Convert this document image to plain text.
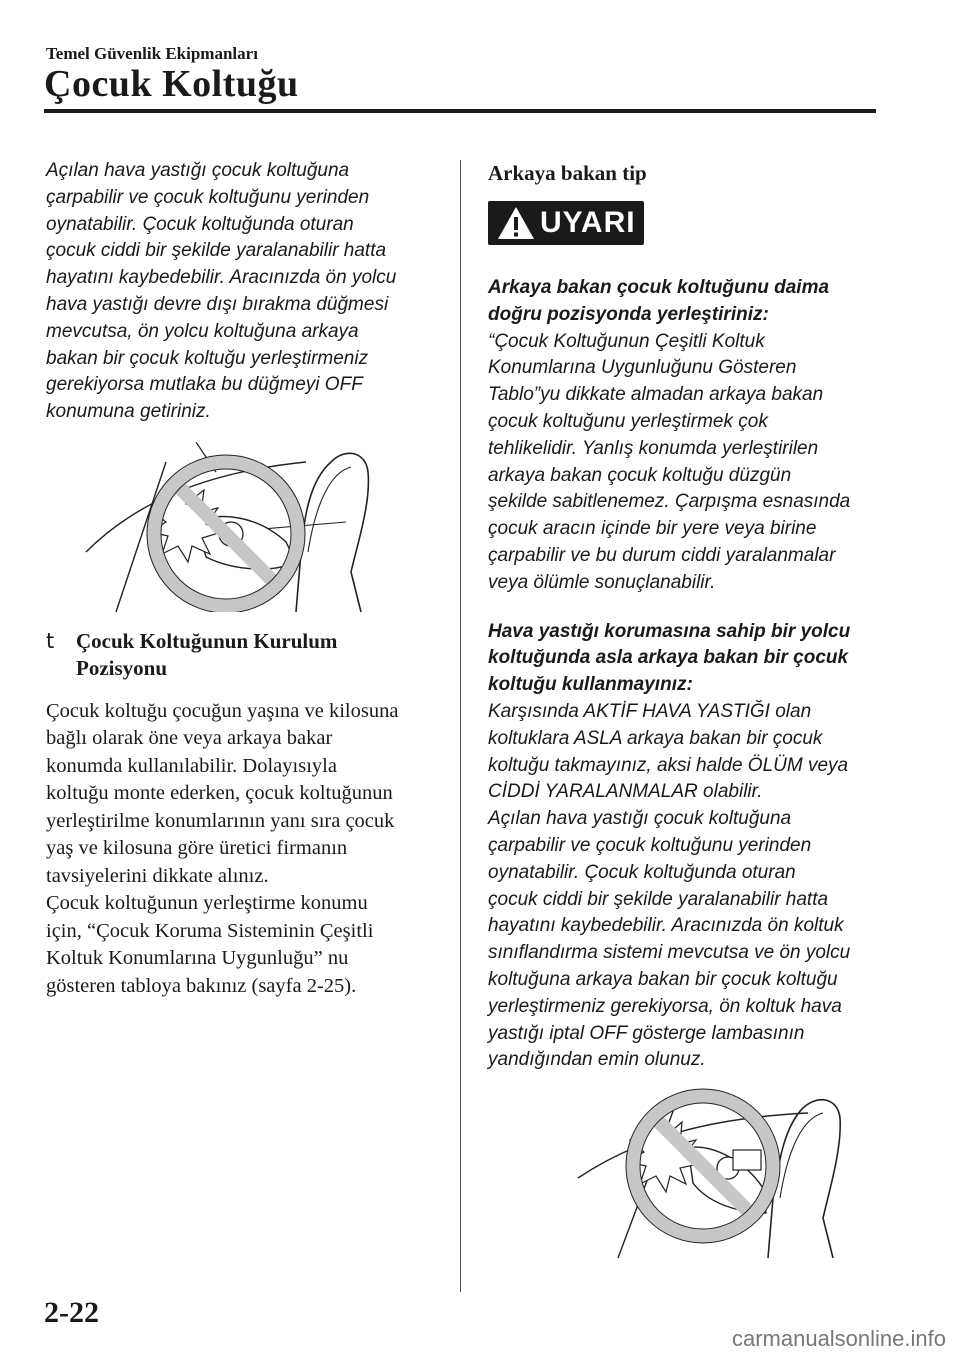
Temel Güvenlik Ekipmanları
Çocuk Koltuğu

Açılan hava yastığı çocuk koltuğuna

çarpabilir ve çocuk koltuğunu yerinden

oynatabilir. Çocuk koltuğunda oturan

çocuk ciddi bir şekilde yaralanabilir hatta

hayatını kaybedebilir. Aracınızda ön yolcu

hava yastığı devre dışı bırakma düğmesi

mevcutsa, ön yolcu koltuğuna arkaya

bakan bir çocuk koltuğu yerleştirmeniz

gerekiyorsa mutlaka bu düğmeyi OFF

konumuna getiriniz.

t	Çocuk Koltuğunun Kurulum
Pozisyonu

Çocuk koltuğu çocuğun yaşına ve kilosuna

bağlı olarak öne veya arkaya bakar

konumda kullanılabilir. Dolayısıyla

koltuğu monte ederken, çocuk koltuğunun

yerleştirilme konumlarının yanı sıra çocuk

yaş ve kilosuna göre üretici firmanın

tavsiyelerini dikkate alınız.

Çocuk koltuğunun yerleştirme konumu

için, “Çocuk Koruma Sisteminin Çeşitli

Koltuk Konumlarına Uygunluğu” nu

gösteren tabloya bakınız (sayfa 2-25).

Arkaya bakan tip
UYARI

Arkaya bakan çocuk koltuğunu daima

doğru pozisyonda yerleştiriniz:

“Çocuk Koltuğunun Çeşitli Koltuk

Konumlarına Uygunluğunu Gösteren

Tablo”yu dikkate almadan arkaya bakan

çocuk koltuğunu yerleştirmek çok

tehlikelidir. Yanlış konumda yerleştirilen

arkaya bakan çocuk koltuğu düzgün

şekilde sabitlenemez. Çarpışma esnasında

çocuk aracın içinde bir yere veya birine

çarpabilir ve bu durum ciddi yaralanmalar

veya ölümle sonuçlanabilir.

Hava yastığı korumasına sahip bir yolcu

koltuğunda asla arkaya bakan bir çocuk

koltuğu kullanmayınız:

Karşısında AKTİF HAVA YASTIĞI olan

koltuklara ASLA arkaya bakan bir çocuk

koltuğu takmayınız, aksi halde ÖLÜM veya

CİDDİ YARALANMALAR olabilir.

Açılan hava yastığı çocuk koltuğuna

çarpabilir ve çocuk koltuğunu yerinden

oynatabilir. Çocuk koltuğunda oturan

çocuk ciddi bir şekilde yaralanabilir hatta

hayatını kaybedebilir. Aracınızda ön koltuk

sınıflandırma sistemi mevcutsa ve ön yolcu

koltuğuna arkaya bakan bir çocuk koltuğu

yerleştirmeniz gerekiyorsa, ön koltuk hava

yastığı iptal OFF gösterge lambasının

yandığından emin olunuz.

2-22
carmanualsonline.info
